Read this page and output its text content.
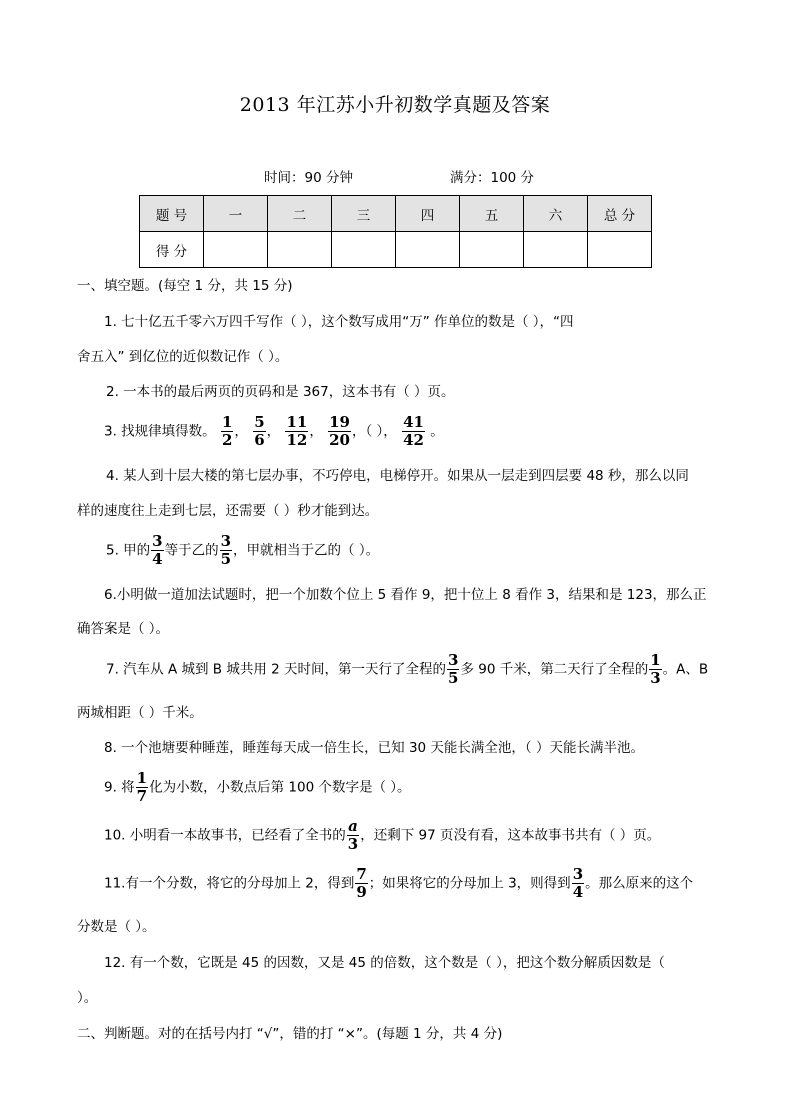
2013 年江苏小升初数学真题及答案
时间：90 分钟	满分：100 分
题 号	一	二	三	四	五	六	总 分
得 分							
一、填空题。(每空 1 分，共 15 分)
1. 七十亿五千零六万四千写作（ ），这个数写成用“万” 作单位的数是（ ），“四
舍五入” 到亿位的近似数记作（ ）。
2. 一本书的最后两页的页码和是 367，这本书有（ ）页。
3. 找规律填得数。 $\frac{1}{2}$ ， $\frac{5}{6}$ ， $\frac{11}{12}$ ， $\frac{19}{20}$ ，（ ）， $\frac{41}{42}$ 。
4. 某人到十层大楼的第七层办事，不巧停电，电梯停开。如果从一层走到四层要 48 秒，那么以同
样的速度往上走到七层，还需要（ ）秒才能到达。
5. 甲的 $\frac{3}{4}$ 等于乙的 $\frac{3}{5}$ ，甲就相当于乙的（ ）。
6.小明做一道加法试题时，把一个加数个位上 5 看作 9，把十位上 8 看作 3，结果和是 123，那么正
确答案是（ ）。
7. 汽车从 A 城到 B 城共用 2 天时间，第一天行了全程的 $\frac{3}{5}$ 多 90 千米，第二天行了全程的 $\frac{1}{3}$ 。A、B
两城相距（ ）千米。
8. 一个池塘要种睡莲，睡莲每天成一倍生长，已知 30 天能长满全池，（ ）天能长满半池。
9. 将 $\frac{1}{7}$ 化为小数，小数点后第 100 个数字是（ ）。
10. 小明看一本故事书，已经看了全书的 $\frac{a}{3}$ ，还剩下 97 页没有看，这本故事书共有（ ）页。
11.有一个分数，将它的分母加上 2，得到 $\frac{7}{9}$ ；如果将它的分母加上 3，则得到 $\frac{3}{4}$ 。那么原来的这个
分数是（ ）。
12. 有一个数，它既是 45 的因数，又是 45 的倍数，这个数是（ ），把这个数分解质因数是（
）。
二、判断题。对的在括号内打 “√”，错的打 “×”。(每题 1 分，共 4 分)
